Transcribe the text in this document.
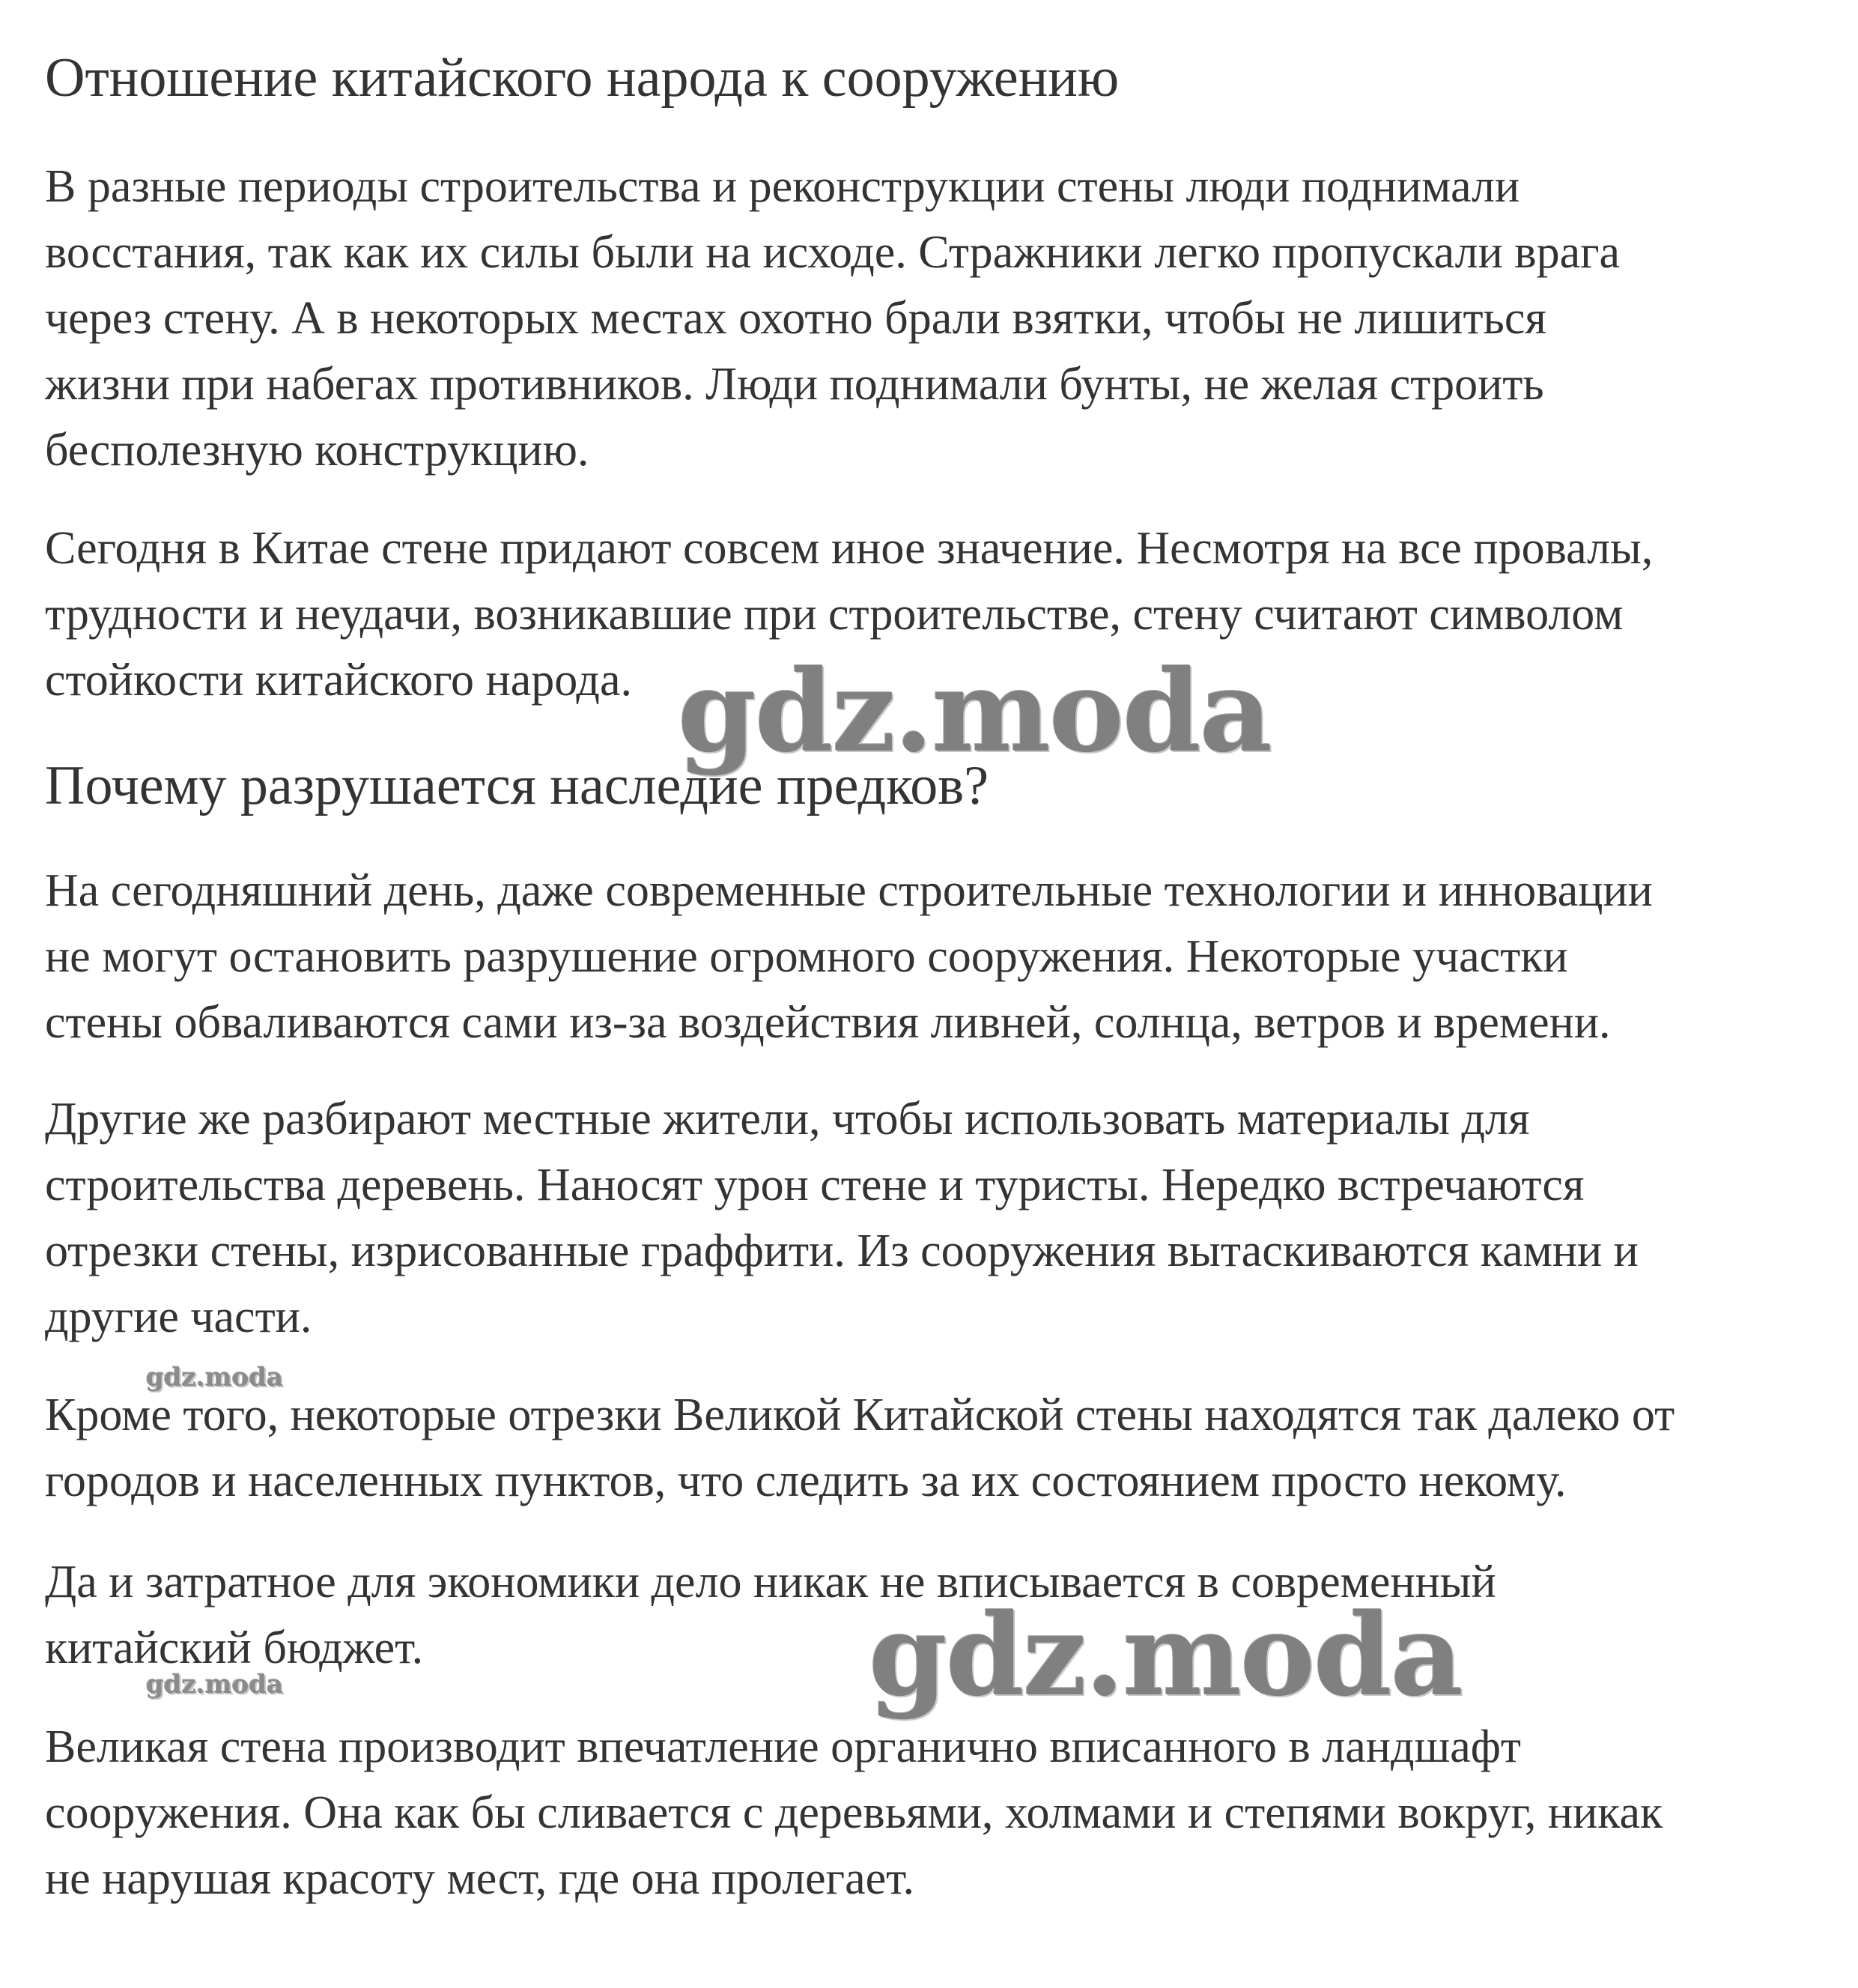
Отношение китайского народа к сооружению
В разные периоды строительства и реконструкции стены люди поднимали
восстания, так как их силы были на исходе. Стражники легко пропускали врага
через стену. А в некоторых местах охотно брали взятки, чтобы не лишиться
жизни при набегах противников. Люди поднимали бунты, не желая строить
бесполезную конструкцию.
Сегодня в Китае стене придают совсем иное значение. Несмотря на все провалы,
трудности и неудачи, возникавшие при строительстве, стену считают символом
стойкости китайского народа.
Почему разрушается наследие предков?
На сегодняшний день, даже современные строительные технологии и инновации
не могут остановить разрушение огромного сооружения. Некоторые участки
стены обваливаются сами из-за воздействия ливней, солнца, ветров и времени.
Другие же разбирают местные жители, чтобы использовать материалы для
строительства деревень. Наносят урон стене и туристы. Нередко встречаются
отрезки стены, изрисованные граффити. Из сооружения вытаскиваются камни и
другие части.
Кроме того, некоторые отрезки Великой Китайской стены находятся так далеко от
городов и населенных пунктов, что следить за их состоянием просто некому.
Да и затратное для экономики дело никак не вписывается в современный
китайский бюджет.
Великая стена производит впечатление органично вписанного в ландшафт
сооружения. Она как бы сливается с деревьями, холмами и степями вокруг, никак
не нарушая красоту мест, где она пролегает.
gdz.moda
gdz.moda
gdz.moda	gdz.moda
